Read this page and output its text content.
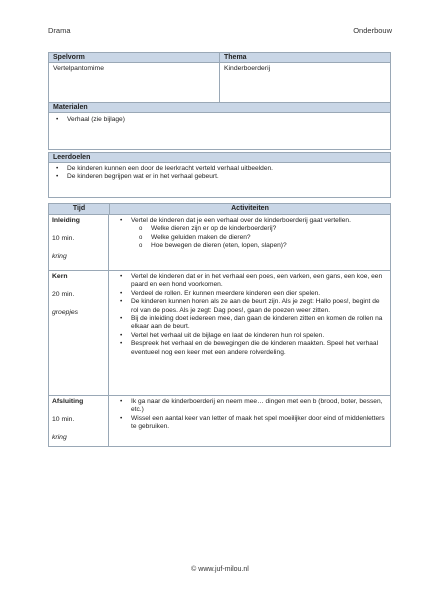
Drama	Onderbouw
Spelvorm
Vertelpantomime
Thema
Kinderboerderij
Materialen
• Verhaal (zie bijlage)
Leerdoelen
• De kinderen kunnen een door de leerkracht verteld verhaal uitbeelden.
• De kinderen begrijpen wat er in het verhaal gebeurt.
Tijd	Activiteiten
Inleiding
10 min.
kring
• Vertel de kinderen dat je een verhaal over de kinderboerderij gaat vertellen.
o Welke dieren zijn er op de kinderboerderij?
o Welke geluiden maken de dieren?
o Hoe bewegen de dieren (eten, lopen, slapen)?
Kern
20 min.
groepjes
• Vertel de kinderen dat er in het verhaal een poes, een varken, een gans, een koe, een paard en een hond voorkomen.
• Verdeel de rollen. Er kunnen meerdere kinderen een dier spelen.
• De kinderen kunnen horen als ze aan de beurt zijn. Als je zegt: Hallo poes!, begint de rol van de poes. Als je zegt: Dag poes!, gaan de poezen weer zitten.
• Bij de inleiding doet iedereen mee, dan gaan de kinderen zitten en komen de rollen na elkaar aan de beurt.
• Vertel het verhaal uit de bijlage en laat de kinderen hun rol spelen.
• Bespreek het verhaal en de bewegingen die de kinderen maakten. Speel het verhaal eventueel nog een keer met een andere rolverdeling.
Afsluiting
10 min.
kring
• Ik ga naar de kinderboerderij en neem mee… dingen met een b (brood, boter, bessen, etc.)
• Wissel een aantal keer van letter of maak het spel moeilijker door eind of middenletters te gebruiken.
© www.juf-milou.nl
